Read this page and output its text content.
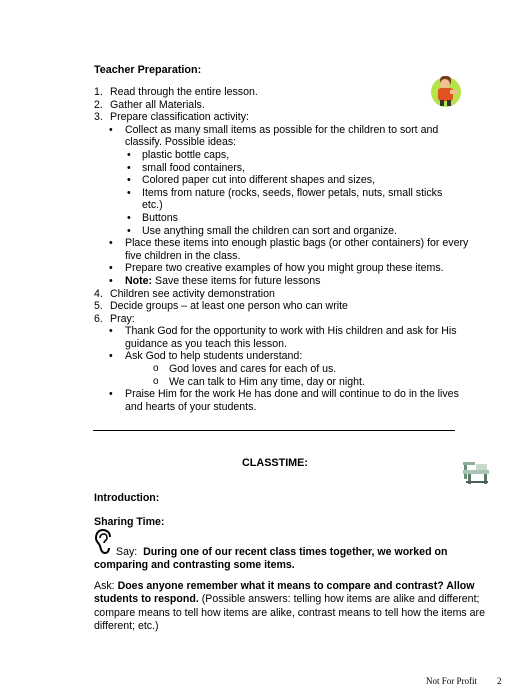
Teacher Preparation:
1. Read through the entire lesson.
2. Gather all Materials.
3. Prepare classification activity:
• Collect as many small items as possible for the children to sort and classify. Possible ideas:
• plastic bottle caps,
• small food containers,
• Colored paper cut into different shapes and sizes,
• Items from nature (rocks, seeds, flower petals, nuts, small sticks etc.)
• Buttons
• Use anything small the children can sort and organize.
• Place these items into enough plastic bags (or other containers) for every five children in the class.
• Prepare two creative examples of how you might group these items.
• Note: Save these items for future lessons
4. Children see activity demonstration
5. Decide groups – at least one person who can write
6. Pray:
• Thank God for the opportunity to work with His children and ask for His guidance as you teach this lesson.
• Ask God to help students understand:
o God loves and cares for each of us.
o We can talk to Him any time, day or night.
• Praise Him for the work He has done and will continue to do in the lives and hearts of your students.
CLASSTIME:
Introduction:
Sharing Time:
Say: During one of our recent class times together, we worked on comparing and contrasting some items.
Ask: Does anyone remember what it means to compare and contrast? Allow students to respond. (Possible answers: telling how items are alike and different; compare means to tell how items are alike, contrast means to tell how the items are different; etc.)
Not For Profit 2
